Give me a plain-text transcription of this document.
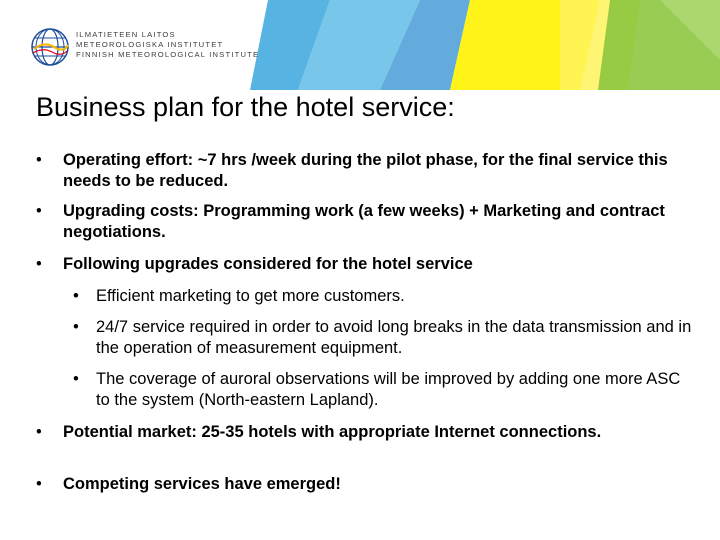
ILMATIETEEN LAITOS
METEOROLOGISKA INSTITUTET
FINNISH METEOROLOGICAL INSTITUTE
Business plan for the hotel service:
• Operating effort: ~7 hrs /week during the pilot phase, for the final service this needs to be reduced.
• Upgrading costs: Programming work (a few weeks) + Marketing and contract negotiations.
• Following upgrades considered for the hotel service
• Efficient marketing to get more customers.
• 24/7 service required in order to avoid long breaks in the data transmission and in the operation of measurement equipment.
• The coverage of auroral observations will be improved by adding one more ASC to the system (North-eastern Lapland).
• Potential market: 25-35 hotels with appropriate Internet connections.
• Competing services have emerged!
